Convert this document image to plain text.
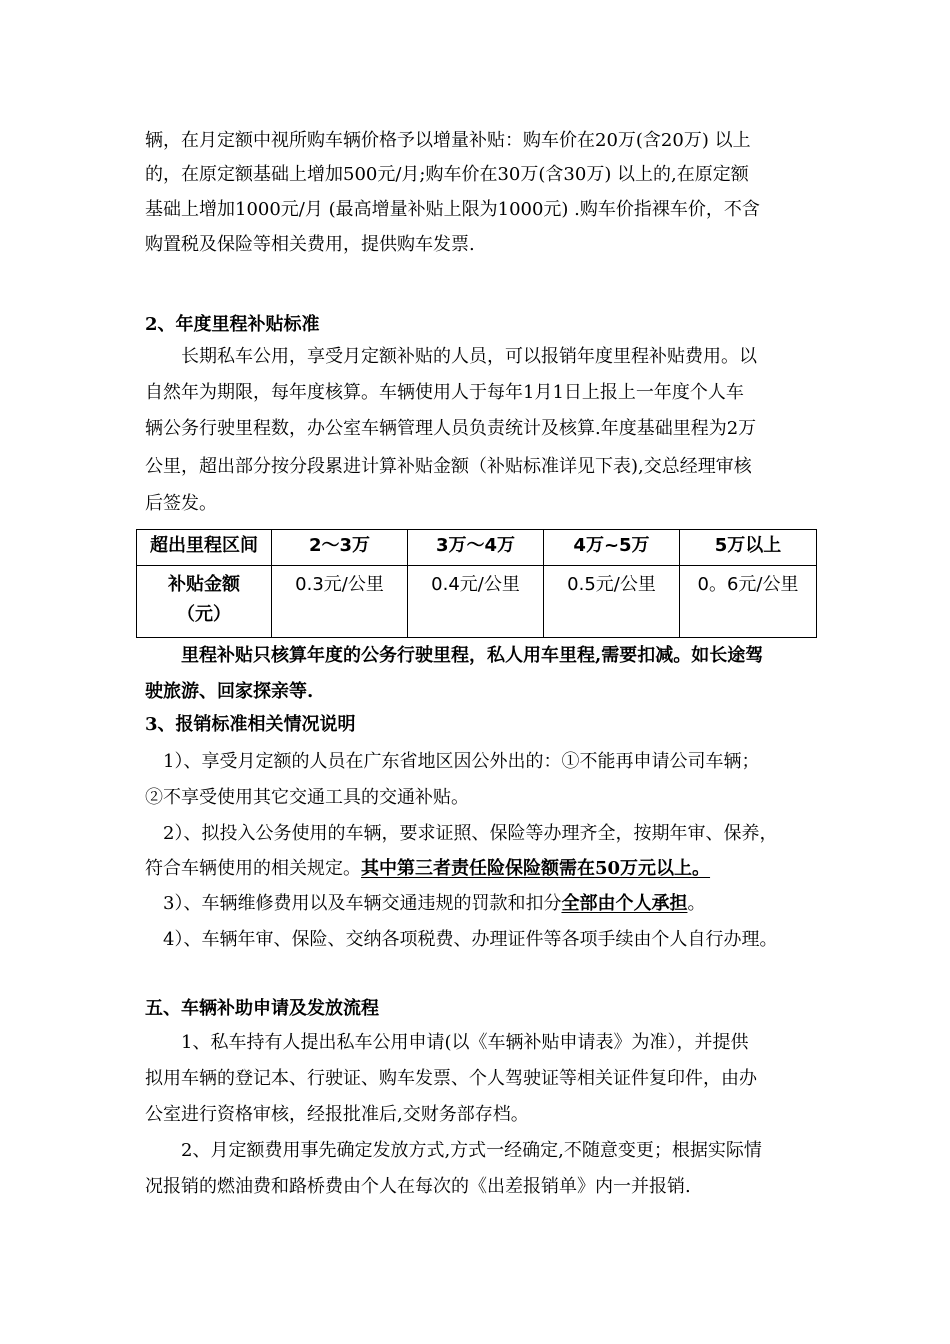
辆，在月定额中视所购车辆价格予以增量补贴：购车价在20万(含20万) 以上
的，在原定额基础上增加500元/月;购车价在30万(含30万) 以上的,在原定额
基础上增加1000元/月 (最高增量补贴上限为1000元) .购车价指裸车价，不含
购置税及保险等相关费用，提供购车发票.
2、年度里程补贴标准
长期私车公用，享受月定额补贴的人员，可以报销年度里程补贴费用。以
自然年为期限，每年度核算。车辆使用人于每年1月1日上报上一年度个人车
辆公务行驶里程数，办公室车辆管理人员负责统计及核算.年度基础里程为2万
公里，超出部分按分段累进计算补贴金额（补贴标准详见下表),交总经理审核
后签发。
超出里程区间	2～3万	3万～4万	4万~5万	5万以上

补贴金额
（元）	0.3元/公里	0.4元/公里	0.5元/公里	0。6元/公里
里程补贴只核算年度的公务行驶里程，私人用车里程,需要扣减。如长途驾
驶旅游、回家探亲等.
3、报销标准相关情况说明
1）、享受月定额的人员在广东省地区因公外出的：①不能再申请公司车辆；
②不享受使用其它交通工具的交通补贴。
2）、拟投入公务使用的车辆，要求证照、保险等办理齐全，按期年审、保养，
符合车辆使用的相关规定。其中第三者责任险保险额需在50万元以上。
3）、车辆维修费用以及车辆交通违规的罚款和扣分全部由个人承担。
4）、车辆年审、保险、交纳各项税费、办理证件等各项手续由个人自行办理。
五、车辆补助申请及发放流程
1、私车持有人提出私车公用申请(以《车辆补贴申请表》为准），并提供
拟用车辆的登记本、行驶证、购车发票、个人驾驶证等相关证件复印件，由办
公室进行资格审核，经报批准后,交财务部存档。
2、月定额费用事先确定发放方式,方式一经确定,不随意变更；根据实际情
况报销的燃油费和路桥费由个人在每次的《出差报销单》内一并报销.
